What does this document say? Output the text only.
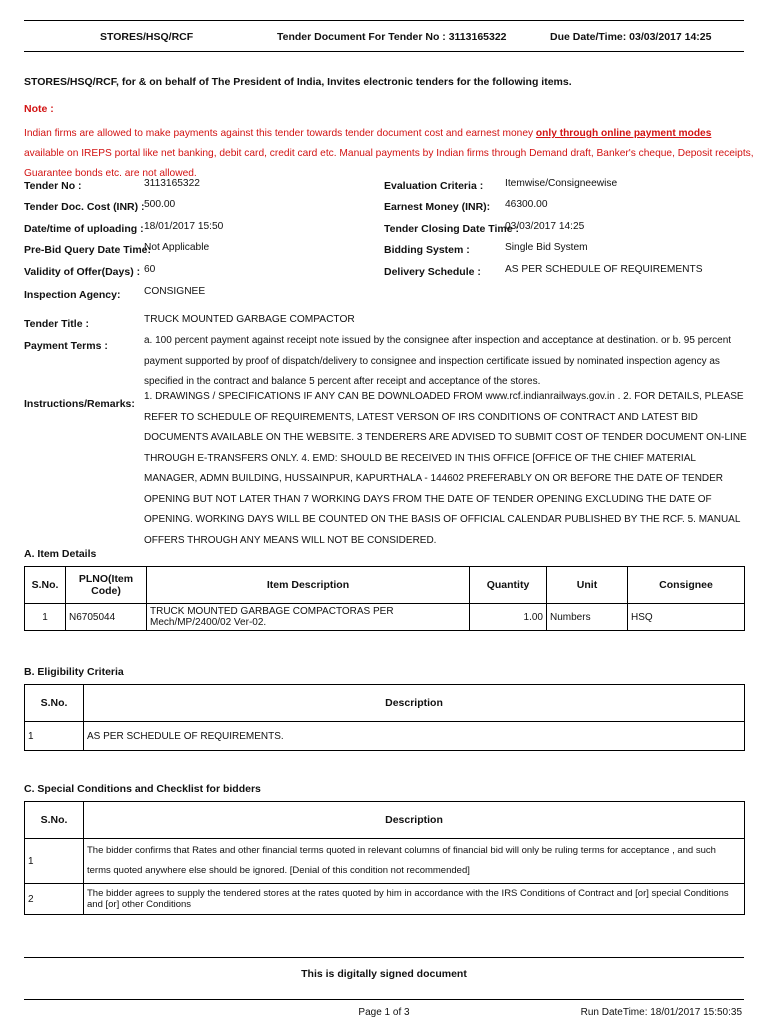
STORES/HSQ/RCF	Tender Document For Tender No : 3113165322	Due Date/Time: 03/03/2017 14:25
STORES/HSQ/RCF, for & on behalf of The President of India, Invites electronic tenders for the following items.
Note :
Indian firms are allowed to make payments against this tender towards tender document cost and earnest money only through online payment modes available on IREPS portal like net banking, debit card, credit card etc. Manual payments by Indian firms through Demand draft, Banker's cheque, Deposit receipts, Guarantee bonds etc. are not allowed.
Tender No :	3113165322
Tender Doc. Cost (INR) : 500.00
Date/time of uploading : 18/01/2017 15:50
Pre-Bid Query Date Time:
Not Applicable
Validity of Offer(Days) : 60
Inspection Agency: CONSIGNEE
Evaluation Criteria : Itemwise/Consigneewise
Earnest Money (INR): 46300.00
Tender Closing Date Time :
03/03/2017 14:25
Bidding System :	Single Bid System
Delivery Schedule : AS PER SCHEDULE OF REQUIREMENTS
Tender Title :	TRUCK MOUNTED GARBAGE COMPACTOR
Payment Terms :	a. 100 percent payment against receipt note issued by the consignee after inspection and acceptance at destination. or b. 95 percent payment supported by proof of dispatch/delivery to consignee and inspection certificate issued by nominated inspection agency as specified in the contract and balance 5 percent after receipt and acceptance of the stores.
Instructions/Remarks:
1. DRAWINGS / SPECIFICATIONS IF ANY CAN BE DOWNLOADED FROM www.rcf.indianrailways.gov.in . 2. FOR DETAILS, PLEASE REFER TO SCHEDULE OF REQUIREMENTS, LATEST VERSON OF IRS CONDITIONS OF CONTRACT AND LATEST BID DOCUMENTS AVAILABLE ON THE WEBSITE. 3 TENDERERS ARE ADVISED TO SUBMIT COST OF TENDER DOCUMENT ON-LINE THROUGH E-TRANSFERS ONLY. 4. EMD: SHOULD BE RECEIVED IN THIS OFFICE [OFFICE OF THE CHIEF MATERIAL MANAGER, ADMN BUILDING, HUSSAINPUR, KAPURTHALA - 144602 PREFERABLY ON OR BEFORE THE DATE OF TENDER OPENING BUT NOT LATER THAN 7 WORKING DAYS FROM THE DATE OF TENDER OPENING EXCLUDING THE DATE OF OPENING. WORKING DAYS WILL BE COUNTED ON THE BASIS OF OFFICIAL CALENDAR PUBLISHED BY THE RCF. 5. MANUAL OFFERS THROUGH ANY MEANS WILL NOT BE CONSIDERED.
A. Item Details
S.No.	PLNO(Item Code)	Item Description	Quantity	Unit	Consignee
1	N6705044	TRUCK MOUNTED GARBAGE COMPACTORAS PER Mech/MP/2400/02 Ver-02.	1.00	Numbers	HSQ
B. Eligibility Criteria
S.No.	Description
1	AS PER SCHEDULE OF REQUIREMENTS.
C. Special Conditions and Checklist for bidders
S.No.	Description
1	The bidder confirms that Rates and other financial terms quoted in relevant columns of financial bid will only be ruling terms for acceptance , and such terms quoted anywhere else should be ignored. [Denial of this condition not recommended]
2	The bidder agrees to supply the tendered stores at the rates quoted by him in accordance with the IRS Conditions of Contract and [or] special Conditions and [or] other Conditions
This is digitally signed document
Page 1 of 3	Run DateTime: 18/01/2017 15:50:35
